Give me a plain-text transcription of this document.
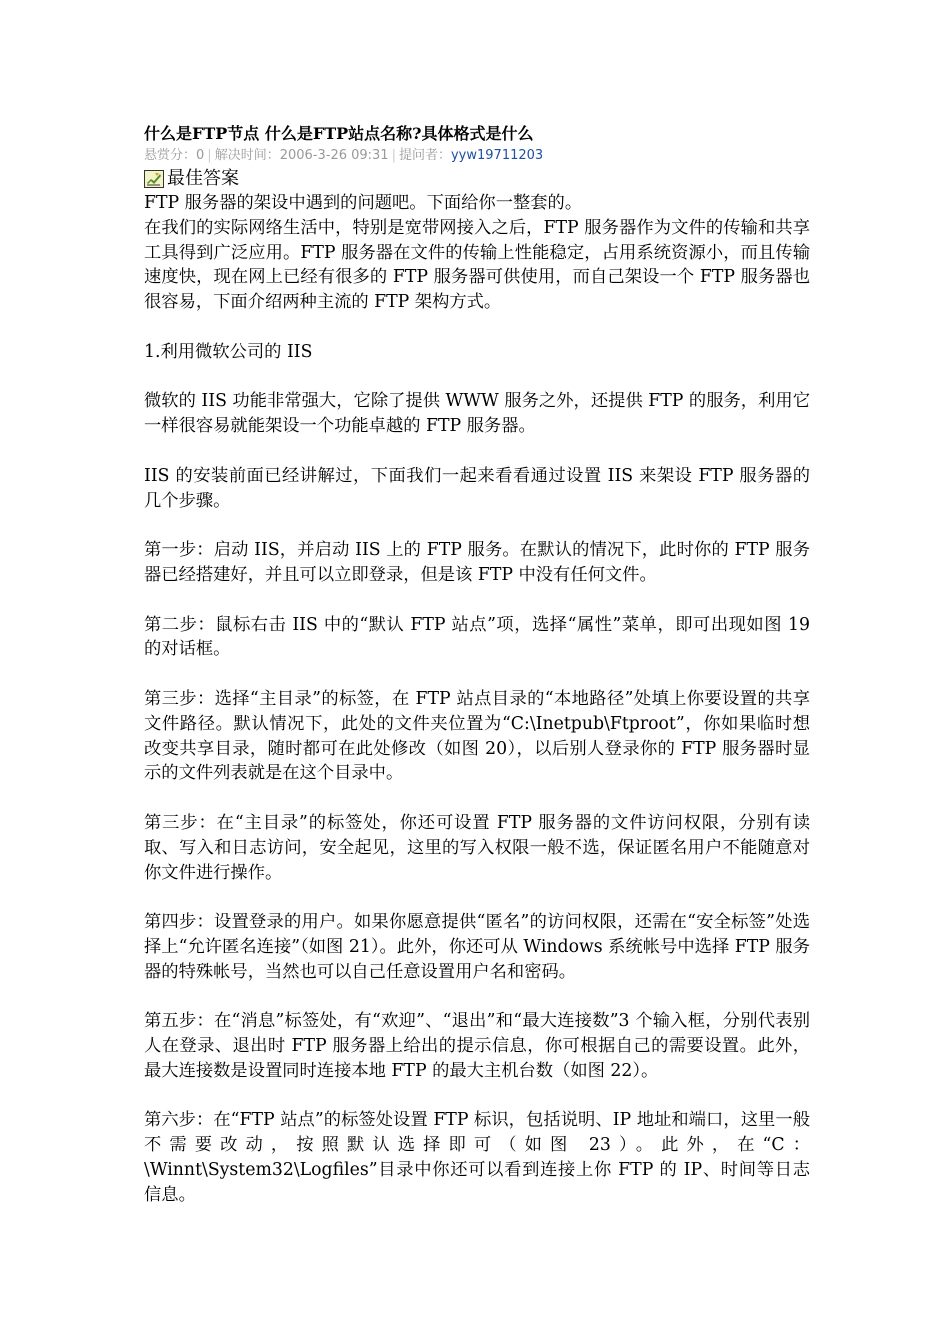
什么是FTP节点 什么是FTP站点名称?具体格式是什么
悬赏分：0 | 解决时间：2006-3-26 09:31 | 提问者：yyw19711203
最佳答案

FTP 服务器的架设中遇到的问题吧。下面给你一整套的。

在我们的实际网络生活中，特别是宽带网接入之后，FTP 服务器作为文件的传输和共享工具得到广泛应用。FTP 服务器在文件的传输上性能稳定，占用系统资源小，而且传输速度快，现在网上已经有很多的 FTP 服务器可供使用，而自己架设一个 FTP 服务器也很容易，下面介绍两种主流的 FTP 架构方式。

1.利用微软公司的 IIS

微软的 IIS 功能非常强大，它除了提供 WWW 服务之外，还提供 FTP 的服务，利用它一样很容易就能架设一个功能卓越的 FTP 服务器。

IIS 的安装前面已经讲解过，下面我们一起来看看通过设置 IIS 来架设 FTP 服务器的几个步骤。

第一步：启动 IIS，并启动 IIS 上的 FTP 服务。在默认的情况下，此时你的 FTP 服务器已经搭建好，并且可以立即登录，但是该 FTP 中没有任何文件。

第二步：鼠标右击 IIS 中的“默认 FTP 站点”项，选择“属性”菜单，即可出现如图 19 的对话框。

第三步：选择“主目录”的标签，在 FTP 站点目录的“本地路径”处填上你要设置的共享文件路径。默认情况下，此处的文件夹位置为“C:\Inetpub\Ftproot”，你如果临时想改变共享目录，随时都可在此处修改（如图 20），以后别人登录你的 FTP 服务器时显示的文件列表就是在这个目录中。

第三步：在“主目录”的标签处，你还可设置 FTP 服务器的文件访问权限，分别有读取、写入和日志访问，安全起见，这里的写入权限一般不选，保证匿名用户不能随意对你文件进行操作。

第四步：设置登录的用户。如果你愿意提供“匿名”的访问权限，还需在“安全标签”处选择上“允许匿名连接”（如图 21）。此外，你还可从 Windows 系统帐号中选择 FTP 服务器的特殊帐号，当然也可以自己任意设置用户名和密码。

第五步：在“消息”标签处，有“欢迎”、“退出”和“最大连接数”3 个输入框，分别代表别人在登录、退出时 FTP 服务器上给出的提示信息，你可根据自己的需要设置。此外，最大连接数是设置同时连接本地 FTP 的最大主机台数（如图 22）。

第六步：在“FTP 站点”的标签处设置 FTP 标识，包括说明、IP 地址和端口，这里一般不需要改动，按照默认选择即可（如图 23）。此外，在“C：\Winnt\System32\Logfiles”目录中你还可以看到连接上你 FTP 的 IP、时间等日志信息。
